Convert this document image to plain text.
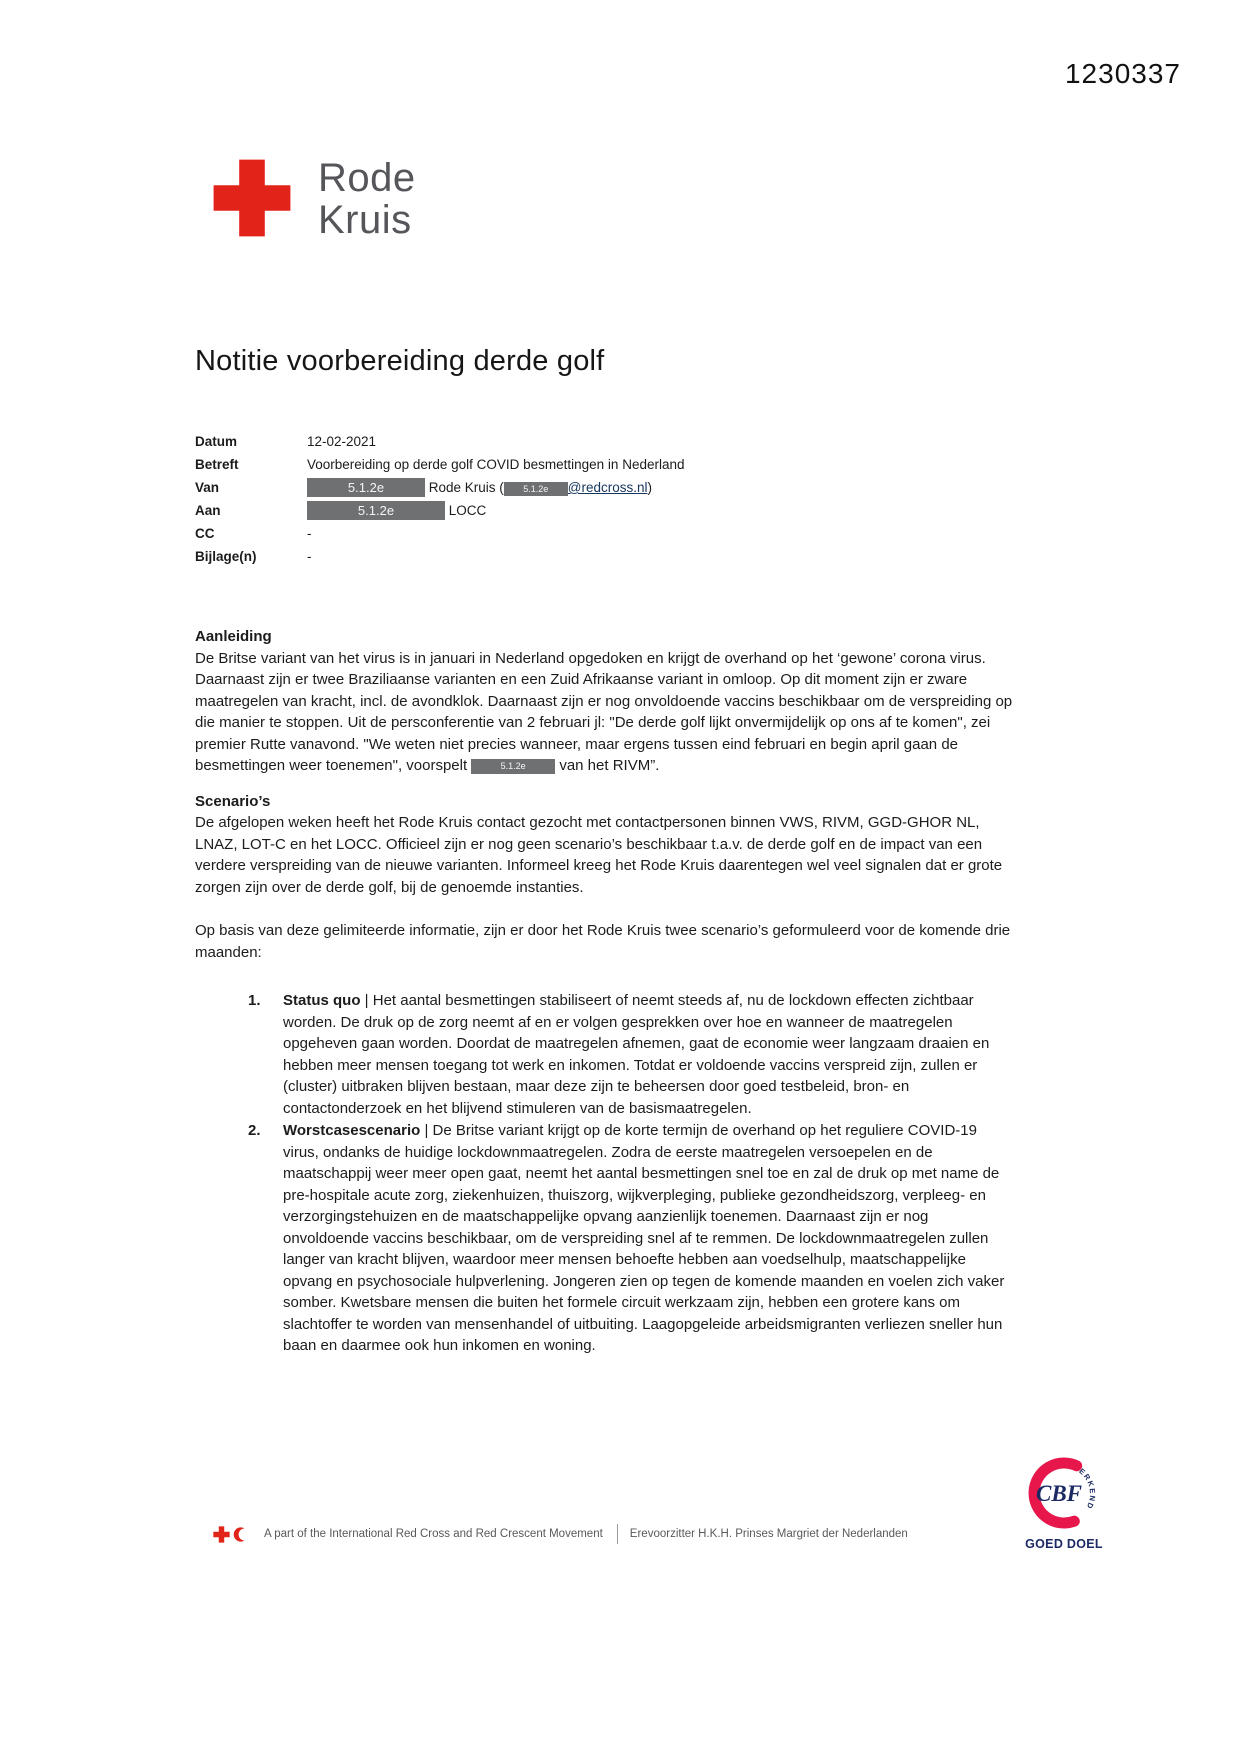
1230337
Rode
Kruis
Notitie voorbereiding derde golf
Datum	12-02-2021
Betreft	Voorbereiding op derde golf COVID besmettingen in Nederland
Van	5.1.2e	Rode Kruis ( 5.1.2e @redcross.nl)
Aan	5.1.2e	LOCC
CC	-
Bijlage(n)	-

Aanleiding

De Britse variant van het virus is in januari in Nederland opgedoken en krijgt de overhand op het ‘gewone’ corona virus. Daarnaast zijn er twee Braziliaanse varianten en een Zuid Afrikaanse variant in omloop. Op dit moment zijn er zware maatregelen van kracht, incl. de avondklok. Daarnaast zijn er nog onvoldoende vaccins beschikbaar om de verspreiding op die manier te stoppen. Uit de persconferentie van 2 februari jl: "De derde golf lijkt onvermijdelijk op ons af te komen", zei premier Rutte vanavond. "We weten niet precies wanneer, maar ergens tussen eind februari en begin april gaan de besmettingen weer toenemen", voorspelt	5.1.2e van het RIVM”.

Scenario’s

De afgelopen weken heeft het Rode Kruis contact gezocht met contactpersonen binnen VWS, RIVM, GGD-GHOR NL, LNAZ, LOT-C en het LOCC. Officieel zijn er nog geen scenario’s beschikbaar t.a.v. de derde golf en de impact van een verdere verspreiding van de nieuwe varianten. Informeel kreeg het Rode Kruis daarentegen wel veel signalen dat er grote zorgen zijn over de derde golf, bij de genoemde instanties.

Op basis van deze gelimiteerde informatie, zijn er door het Rode Kruis twee scenario’s geformuleerd voor de komende drie maanden:

1.	Status quo | Het aantal besmettingen stabiliseert of neemt steeds af, nu de lockdown effecten zichtbaar worden. De druk op de zorg neemt af en er volgen gesprekken over hoe en wanneer de maatregelen opgeheven gaan worden. Doordat de maatregelen afnemen, gaat de economie weer langzaam draaien en hebben meer mensen toegang tot werk en inkomen. Totdat er voldoende vaccins verspreid zijn, zullen er (cluster) uitbraken blijven bestaan, maar deze zijn te beheersen door goed testbeleid, bron- en contactonderzoek en het blijvend stimuleren van de basismaatregelen.
2.	Worstcasescenario | De Britse variant krijgt op de korte termijn de overhand op het reguliere COVID-19 virus, ondanks de huidige lockdownmaatregelen. Zodra de eerste maatregelen versoepelen en de maatschappij weer meer open gaat, neemt het aantal besmettingen snel toe en zal de druk op met name de pre-hospitale acute zorg, ziekenhuizen, thuiszorg, wijkverpleging, publieke gezondheidszorg, verpleeg- en verzorgingstehuizen en de maatschappelijke opvang aanzienlijk toenemen. Daarnaast zijn er nog onvoldoende vaccins beschikbaar, om de verspreiding snel af te remmen. De lockdownmaatregelen zullen langer van kracht blijven, waardoor meer mensen behoefte hebben aan voedselhulp, maatschappelijke opvang en psychosociale hulpverlening. Jongeren zien op tegen de komende maanden en voelen zich vaker somber. Kwetsbare mensen die buiten het formele circuit werkzaam zijn, hebben een grotere kans om slachtoffer te worden van mensenhandel of uitbuiting. Laagopgeleide arbeidsmigranten verliezen sneller hun baan en daarmee ook hun inkomen en woning.
A part of the International Red Cross and Red Crescent Movement Erevoorzitter H.K.H. Prinses Margriet der Nederlanden
CBF
ERKEND
GOED DOEL
